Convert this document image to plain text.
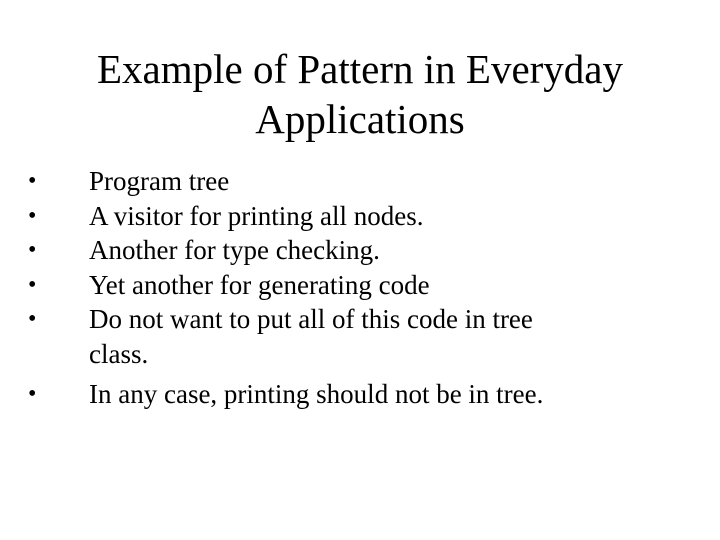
Example of Pattern in Everyday
Applications
• Program tree
• A visitor for printing all nodes.
• Another for type checking.
• Yet another for generating code
• Do not want to put all of this code in tree
class.
• In any case, printing should not be in tree.
